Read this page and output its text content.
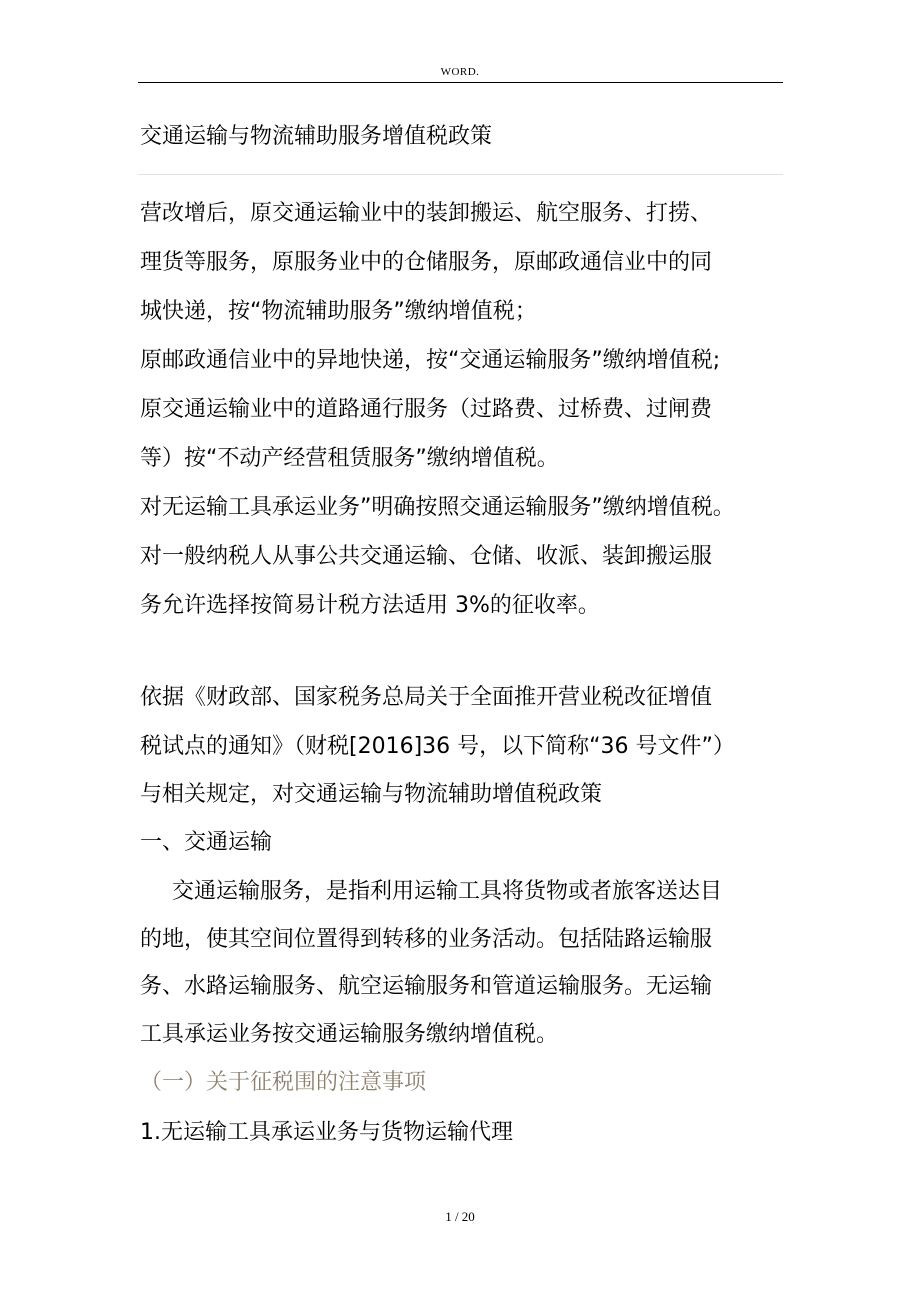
WORD.
交通运输与物流辅助服务增值税政策
营改增后，原交通运输业中的装卸搬运、航空服务、打捞、
理货等服务，原服务业中的仓储服务，原邮政通信业中的同
城快递，按“物流辅助服务”缴纳增值税；
原邮政通信业中的异地快递，按“交通运输服务”缴纳增值税;
原交通运输业中的道路通行服务（过路费、过桥费、过闸费
等）按“不动产经营租赁服务”缴纳增值税。
对无运输工具承运业务”明确按照交通运输服务”缴纳增值税。
对一般纳税人从事公共交通运输、仓储、收派、装卸搬运服
务允许选择按简易计税方法适用 3%的征收率。
依据《财政部、国家税务总局关于全面推开营业税改征增值
税试点的通知》（财税[2016]36 号，以下简称“36 号文件”）
与相关规定，对交通运输与物流辅助增值税政策
一、交通运输
交通运输服务，是指利用运输工具将货物或者旅客送达目
的地，使其空间位置得到转移的业务活动。包括陆路运输服
务、水路运输服务、航空运输服务和管道运输服务。无运输
工具承运业务按交通运输服务缴纳增值税。
（一）关于征税围的注意事项
1.无运输工具承运业务与货物运输代理
1 / 20
